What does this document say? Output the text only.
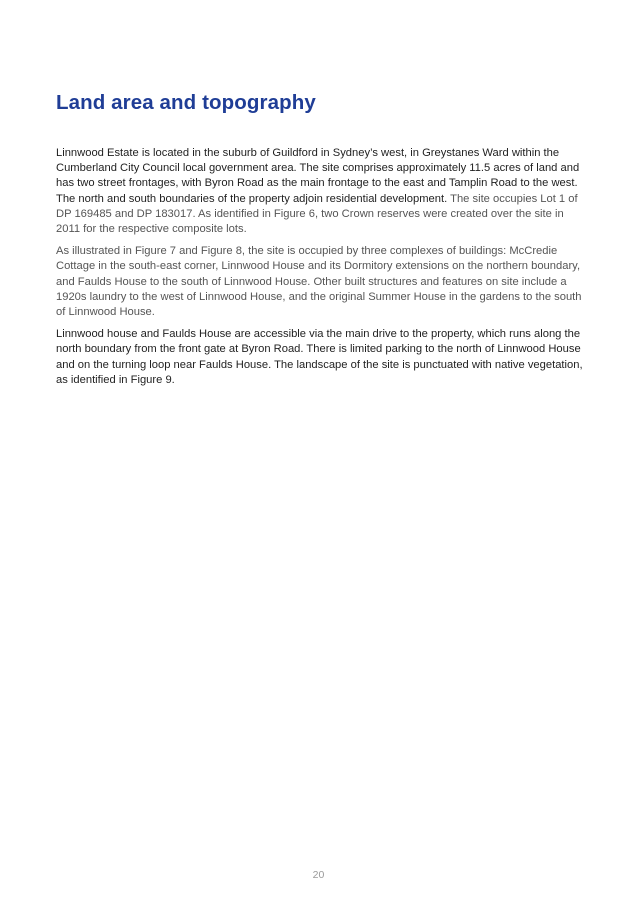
Land area and topography

Linnwood Estate is located in the suburb of Guildford in Sydney’s west, in Greystanes Ward within the Cumberland City Council local government area. The site comprises approximately 11.5 acres of land and has two street frontages, with Byron Road as the main frontage to the east and Tamplin Road to the west. The north and south boundaries of the property adjoin residential development. The site occupies Lot 1 of DP 169485 and DP 183017. As identified in Figure 6, two Crown reserves were created over the site in 2011 for the respective composite lots.

As illustrated in Figure 7 and Figure 8, the site is occupied by three complexes of buildings: McCredie Cottage in the south-east corner, Linnwood House and its Dormitory extensions on the northern boundary, and Faulds House to the south of Linnwood House. Other built structures and features on site include a 1920s laundry to the west of Linnwood House, and the original Summer House in the gardens to the south of Linnwood House.

Linnwood house and Faulds House are accessible via the main drive to the property, which runs along the north boundary from the front gate at Byron Road. There is limited parking to the north of Linnwood House and on the turning loop near Faulds House. The landscape of the site is punctuated with native vegetation, as identified in Figure 9.

20
